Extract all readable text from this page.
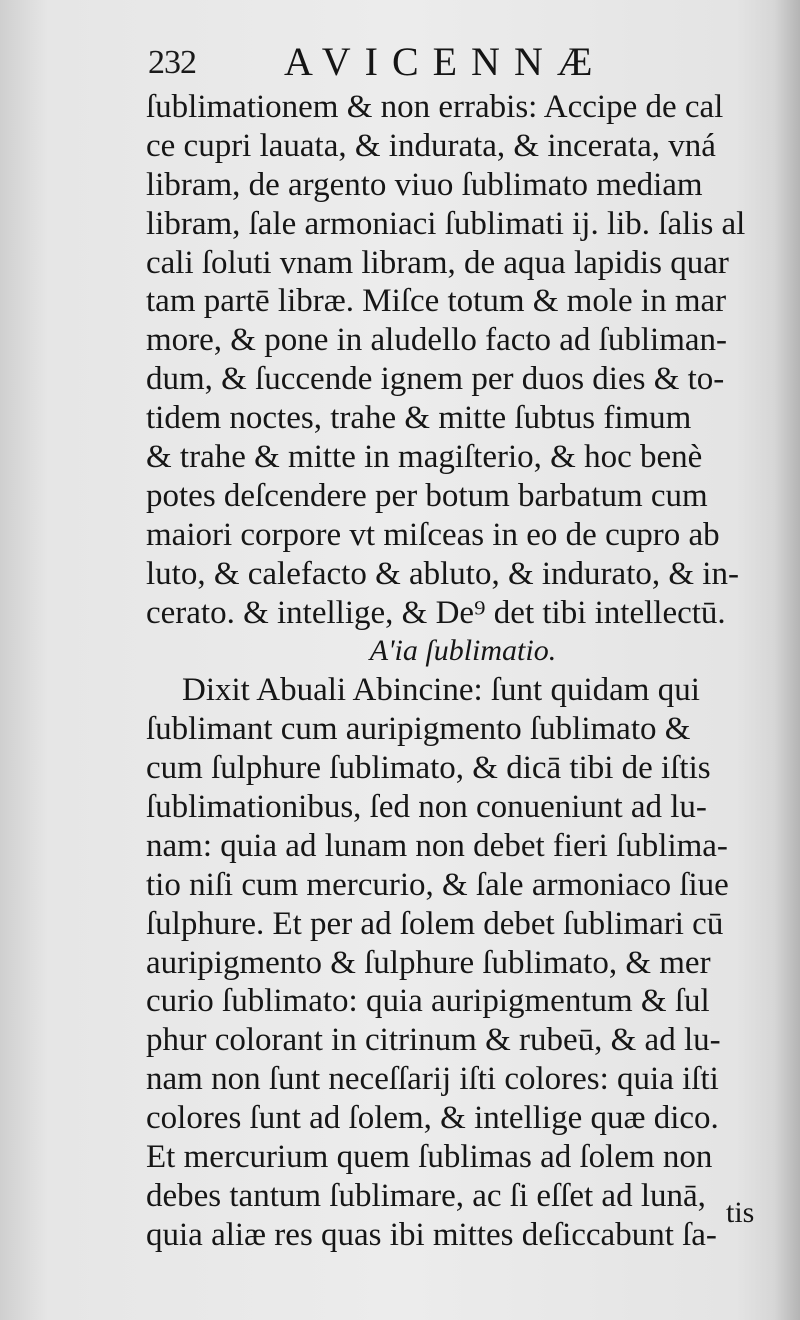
232 AVICENNÆ
ſublimationem & non errabis: Accipe de cal
ce cupri lauata, & indurata, & incerata, vná
libram, de argento viuo ſublimato mediam
libram, ſale armoniaci ſublimati ij. lib. ſalis al
cali ſoluti vnam libram, de aqua lapidis quar
tam partē libræ. Miſce totum & mole in mar
more, & pone in aludello facto ad ſubliman-
dum, & ſuccende ignem per duos dies & to-
tidem noctes, trahe & mitte ſubtus fimum
& trahe & mitte in magiſterio, & hoc benè
potes deſcendere per botum barbatum cum
maiori corpore vt miſceas in eo de cupro ab
luto, & calefacto & abluto, & indurato, & in-
cerato. & intellige, & De⁹ det tibi intellectū.
A'ia ſublimatio.
Dixit Abuali Abincine: ſunt quidam qui
ſublimant cum auripigmento ſublimato &
cum ſulphure ſublimato, & dicā tibi de iſtis
ſublimationibus, ſed non conueniunt ad lu-
nam: quia ad lunam non debet fieri ſublima-
tio niſi cum mercurio, & ſale armoniaco ſiue
ſulphure. Et per ad ſolem debet ſublimari cū
auripigmento & ſulphure ſublimato, & mer
curio ſublimato: quia auripigmentum & ſul
phur colorant in citrinum & rubeū, & ad lu-
nam non ſunt neceſſarij iſti colores: quia iſti
colores ſunt ad ſolem, & intellige quæ dico.
Et mercurium quem ſublimas ad ſolem non
debes tantum ſublimare, ac ſi eſſet ad lunā,
quia aliæ res quas ibi mittes deſiccabunt ſa-
tis
